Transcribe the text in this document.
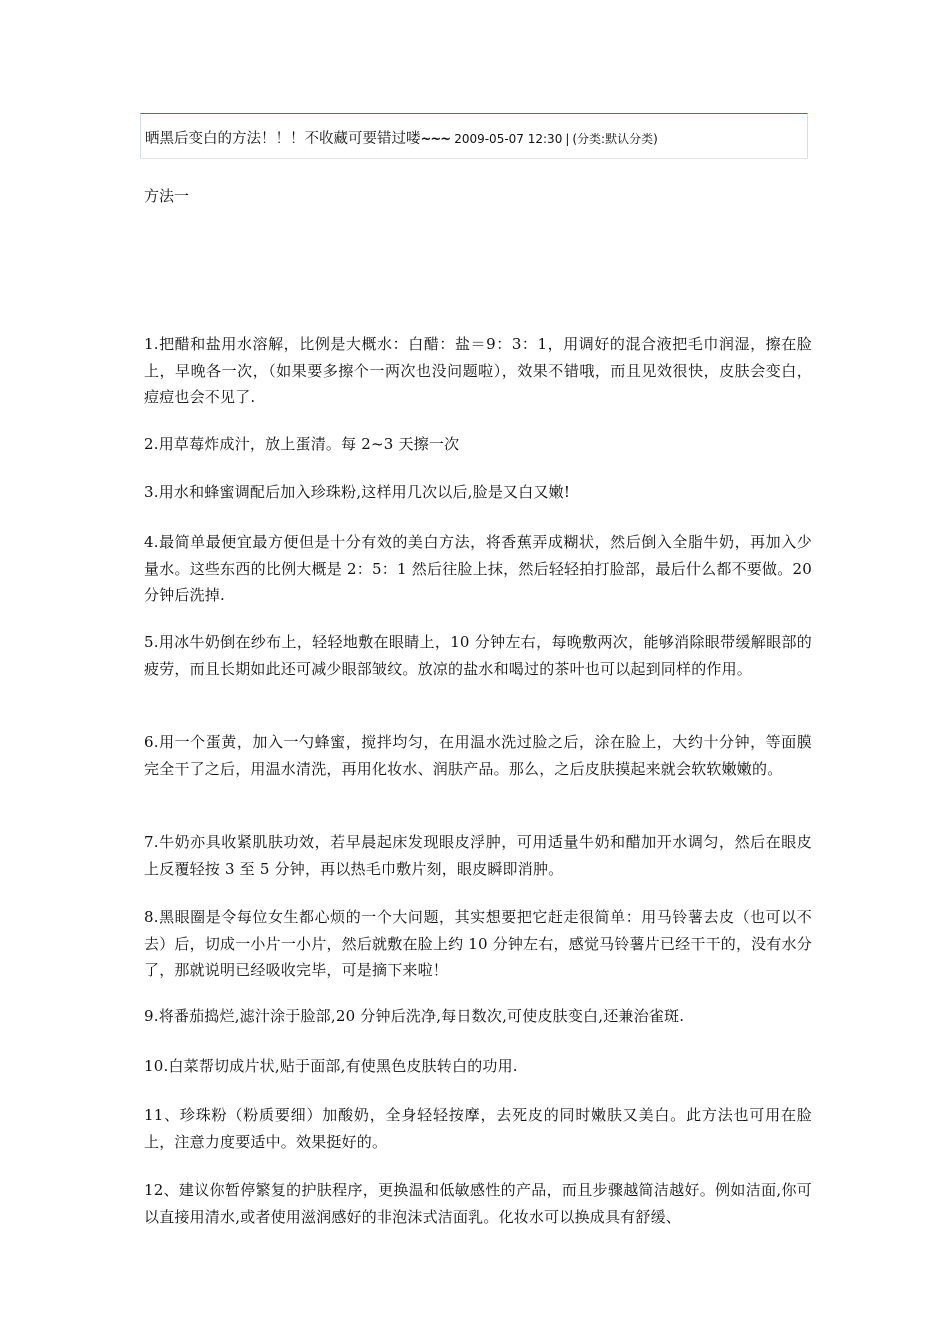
晒黑后变白的方法！！！不收藏可要错过喽~~~ 2009-05-07 12:30 | (分类:默认分类)
方法一

1.把醋和盐用水溶解，比例是大概水：白醋：盐＝9：3：1，用调好的混合液把毛巾润湿，擦在脸上，早晚各一次，（如果要多擦个一两次也没问题啦），效果不错哦，而且见效很快，皮肤会变白，痘痘也会不见了.

2.用草莓炸成汁，放上蛋清。每 2~3 天擦一次

3.用水和蜂蜜调配后加入珍珠粉,这样用几次以后,脸是又白又嫩!

4.最简单最便宜最方便但是十分有效的美白方法，将香蕉弄成糊状，然后倒入全脂牛奶，再加入少量水。这些东西的比例大概是 2：5：1 然后往脸上抹，然后轻轻拍打脸部，最后什么都不要做。20 分钟后洗掉.

5.用冰牛奶倒在纱布上，轻轻地敷在眼睛上，10 分钟左右，每晚敷两次，能够消除眼带缓解眼部的疲劳，而且长期如此还可减少眼部皱纹。放凉的盐水和喝过的茶叶也可以起到同样的作用。

6.用一个蛋黄，加入一勺蜂蜜，搅拌均匀，在用温水洗过脸之后，涂在脸上，大约十分钟，等面膜完全干了之后，用温水清洗，再用化妆水、润肤产品。那么，之后皮肤摸起来就会软软嫩嫩的。

7.牛奶亦具收紧肌肤功效，若早晨起床发现眼皮浮肿，可用适量牛奶和醋加开水调匀，然后在眼皮上反覆轻按 3 至 5 分钟，再以热毛巾敷片刻，眼皮瞬即消肿。

8.黑眼圈是令每位女生都心烦的一个大问题，其实想要把它赶走很简单：用马铃薯去皮（也可以不去）后，切成一小片一小片，然后就敷在脸上约 10 分钟左右，感觉马铃薯片已经干干的，没有水分了，那就说明已经吸收完毕，可是摘下来啦！

9.将番茄捣烂,滤汁涂于脸部,20 分钟后洗净,每日数次,可使皮肤变白,还兼治雀斑.

10.白菜帮切成片状,贴于面部,有使黑色皮肤转白的功用.

11、珍珠粉（粉质要细）加酸奶，全身轻轻按摩，去死皮的同时嫩肤又美白。此方法也可用在脸上，注意力度要适中。效果挺好的。

12、建议你暂停繁复的护肤程序，更换温和低敏感性的产品，而且步骤越简洁越好。例如洁面,你可以直接用清水,或者使用滋润感好的非泡沫式洁面乳。化妆水可以换成具有舒缓、
